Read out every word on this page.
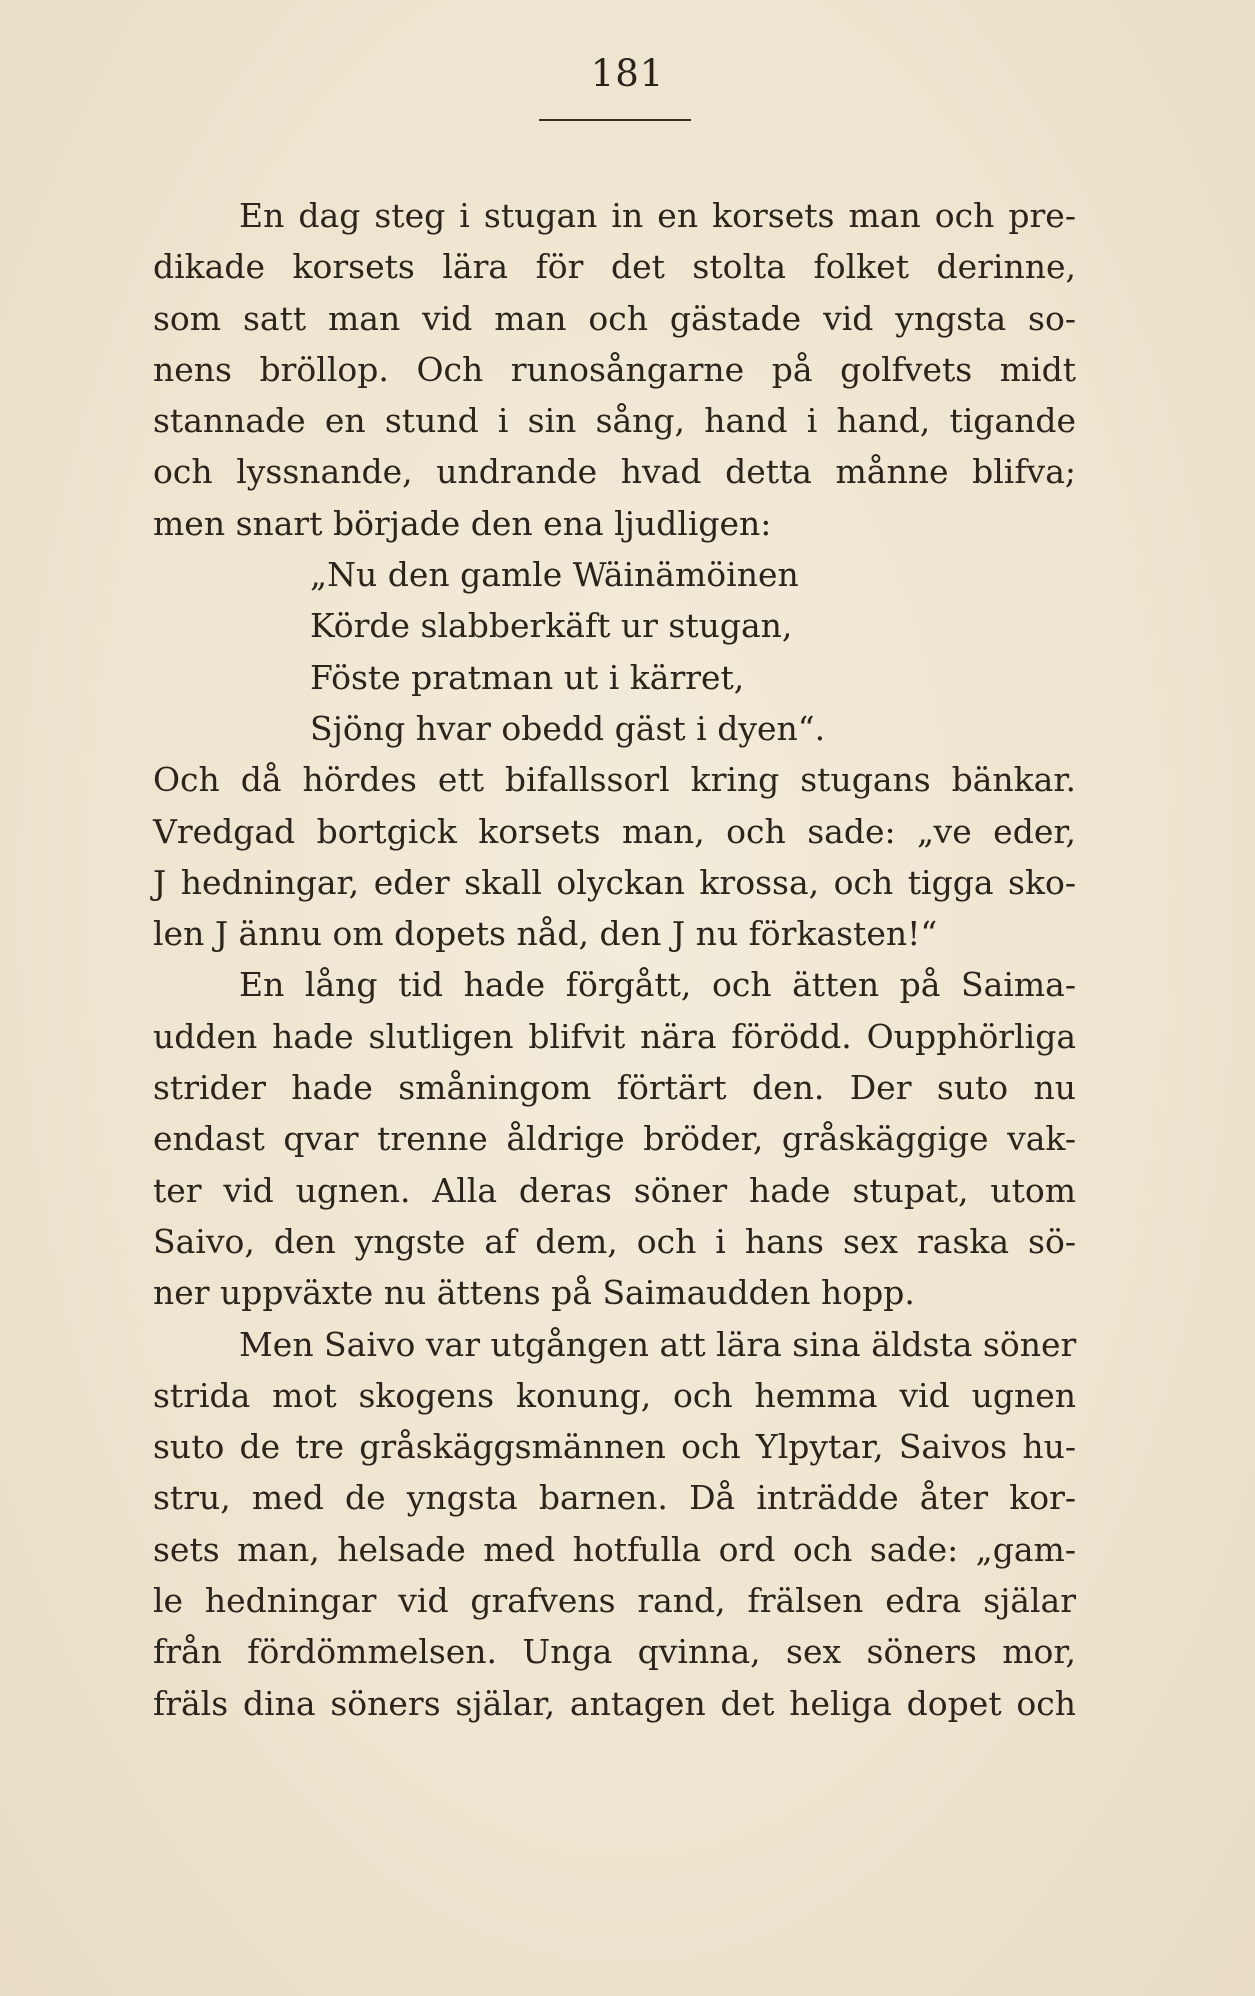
181
En dag steg i stugan in en korsets man och pre-
dikade korsets lära för det stolta folket derinne,
som satt man vid man och gästade vid yngsta so-
nens bröllop. Och runosångarne på golfvets midt
stannade en stund i sin sång, hand i hand, tigande
och lyssnande, undrande hvad detta månne blifva;
men snart började den ena ljudligen:
„Nu den gamle Wäinämöinen
Körde slabberkäft ur stugan,
Föste pratman ut i kärret,
Sjöng hvar obedd gäst i dyen“.
Och då hördes ett bifallssorl kring stugans bänkar.
Vredgad bortgick korsets man, och sade: „ve eder,
J hedningar, eder skall olyckan krossa, och tigga sko-
len J ännu om dopets nåd, den J nu förkasten!“
En lång tid hade förgått, och ätten på Saima-
udden hade slutligen blifvit nära förödd. Oupphörliga
strider hade småningom förtärt den. Der suto nu
endast qvar trenne åldrige bröder, gråskäggige vak-
ter vid ugnen. Alla deras söner hade stupat, utom
Saivo, den yngste af dem, och i hans sex raska sö-
ner uppväxte nu ättens på Saimaudden hopp.
Men Saivo var utgången att lära sina äldsta söner
strida mot skogens konung, och hemma vid ugnen
suto de tre gråskäggsmännen och Ylpytar, Saivos hu-
stru, med de yngsta barnen. Då inträdde åter kor-
sets man, helsade med hotfulla ord och sade: „gam-
le hedningar vid grafvens rand, frälsen edra själar
från fördömmelsen. Unga qvinna, sex söners mor,
fräls dina söners själar, antagen det heliga dopet och
